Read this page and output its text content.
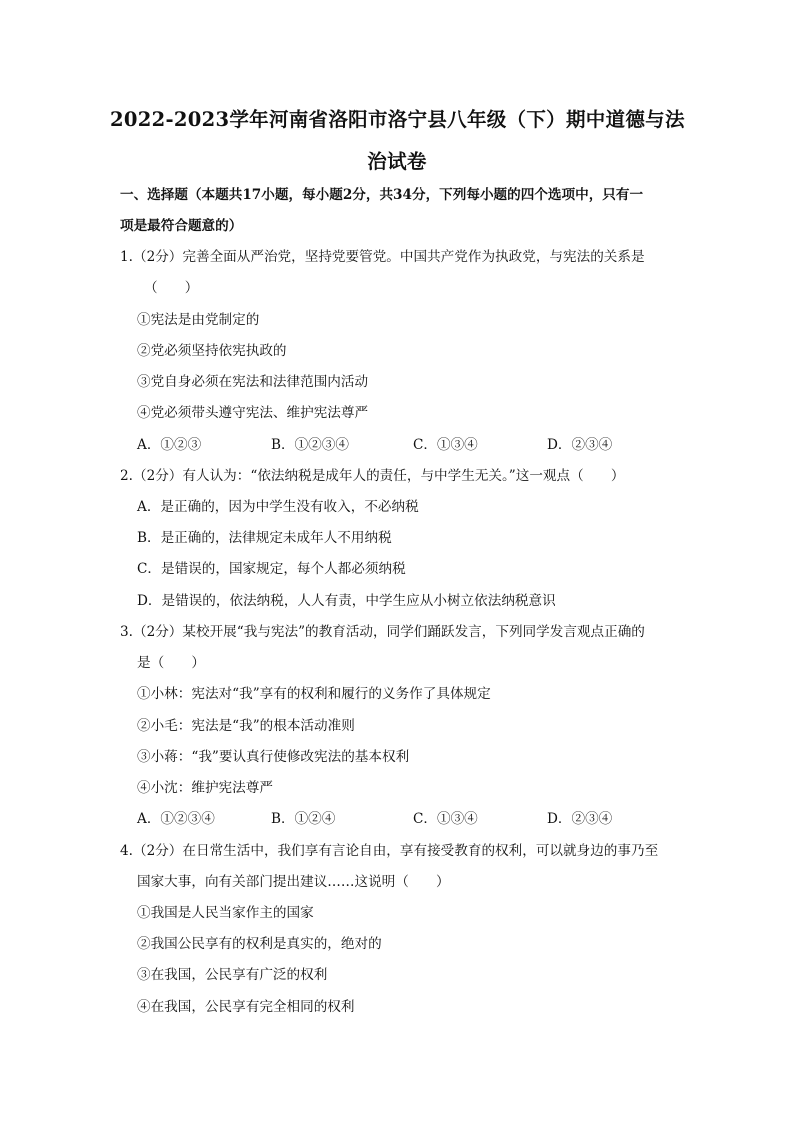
2022-2023学年河南省洛阳市洛宁县八年级（下）期中道德与法
治试卷
一、选择题（本题共17小题，每小题2分，共34分，下列每小题的四个选项中，只有一
项是最符合题意的）
1.（2分）完善全面从严治党，坚持党要管党。中国共产党作为执政党，与宪法的关系是
（　　）
①宪法是由党制定的
②党必须坚持依宪执政的
③党自身必须在宪法和法律范围内活动
④党必须带头遵守宪法、维护宪法尊严
A．①②③	B．①②③④	C．①③④	D．②③④
2.（2分）有人认为：“依法纳税是成年人的责任，与中学生无关。”这一观点（　　）
A．是正确的，因为中学生没有收入，不必纳税
B．是正确的，法律规定未成年人不用纳税
C．是错误的，国家规定，每个人都必须纳税
D．是错误的，依法纳税，人人有责，中学生应从小树立依法纳税意识
3.（2分）某校开展“我与宪法”的教育活动，同学们踊跃发言，下列同学发言观点正确的
是（　　）
①小林：宪法对“我”享有的权利和履行的义务作了具体规定
②小毛：宪法是“我”的根本活动准则
③小蒋：“我”要认真行使修改宪法的基本权利
④小沈：维护宪法尊严
A．①②③④	B．①②④	C．①③④	D．②③④
4.（2分）在日常生活中，我们享有言论自由，享有接受教育的权利，可以就身边的事乃至
国家大事，向有关部门提出建议……这说明（　　）
①我国是人民当家作主的国家
②我国公民享有的权利是真实的，绝对的
③在我国，公民享有广泛的权利
④在我国，公民享有完全相同的权利
